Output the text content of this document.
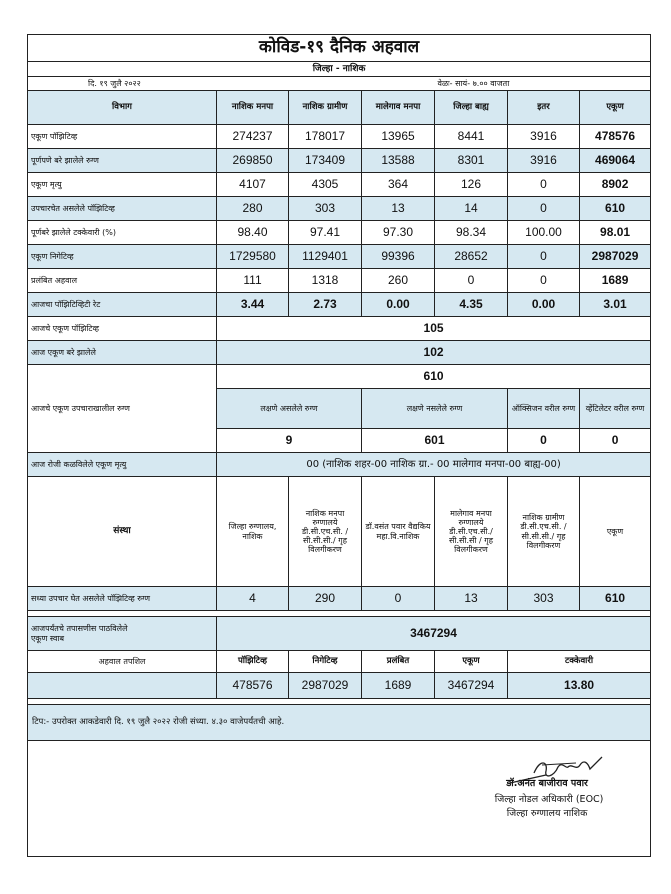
कोविड-१९ दैनिक अहवाल						
जिल्हा - नाशिक						
दि. १९ जुलै २०२२				वेळः- सायं- ७.०० वाजता		
विभाग	नाशिक मनपा	नाशिक ग्रामीण	मालेगाव मनपा	जिल्हा बाह्य	इतर	एकूण
एकूण पॉझिटिव्ह	274237	178017	13965	8441	3916	478576
पूर्णपणे बरे झालेले रुग्ण	269850	173409	13588	8301	3916	469064
एकूण मृत्यु	4107	4305	364	126	0	8902
उपचारचेत असलेले पॉझिटिव्ह	280	303	13	14	0	610
पूर्णबरे झालेले टक्केवारी (%)	98.40	97.41	97.30	98.34	100.00	98.01
एकूण निगेटिव्ह	1729580	1129401	99396	28652	0	2987029
प्रलंबित अहवाल	111	1318	260	0	0	1689
आजचा पॉझिटिव्हिटी रेट	3.44	2.73	0.00	4.35	0.00	3.01
आजचे एकूण पॉझिटिव्ह	105					
आज एकूण बरे झालेले	102					
आजचे एकूण उपचाराखालील रुग्ण	610					
	लक्षणे असलेले रुग्ण		लक्षणे नसलेले रुग्ण		ऑक्सिजन वरील रुग्ण	व्हेंटिलेटर वरील रुग्ण
	9		601		0	0
आज रोजी कळविलेले एकूण मृत्यु	00 (नाशिक शहर-00 नाशिक ग्रा.- 00 मालेगाव मनपा-00 बाह्य-00)					
संस्था	जिल्हा रुग्णालय, नाशिक	नाशिक मनपा रुग्णालये डी.सी.एच.सी. / सी.सी.सी./ गृह विलगीकरण	डॉ.वसंत पवार वैद्यकिय महा.वि.नाशिक	मालेगाव मनपा रुग्णालये डी.सी.एच.सी./ सी.सी.सी / गृह विलगीकरण	नाशिक ग्रामीण डी.सी.एच.सी. /सी.सी.सी./ गृह विलगीकरण	एकूण
सध्या उपचार घेत असलेले पॉझिटिव्ह रुग्ण	4	290	0	13	303	610

आजपर्यंतचे तपासणीस पाठविलेले
एकूण स्वाब	3467294					
अहवाल तपशिल	पॉझिटिव्ह	निगेटिव्ह	प्रलंबित	एकूण	टक्केवारी	
	478576	2987029	1689	3467294	13.80	

टिप:- उपरोक्त आकडेवारी दि. १९ जुलै २०२२ रोजी संध्या. ४.३० वाजेपर्यंतची आहे.						

डॉ.अनंत बाजीराव पवार
जिल्हा नोडल अधिकारी (EOC)
जिल्हा रुग्णालय नाशिक						
